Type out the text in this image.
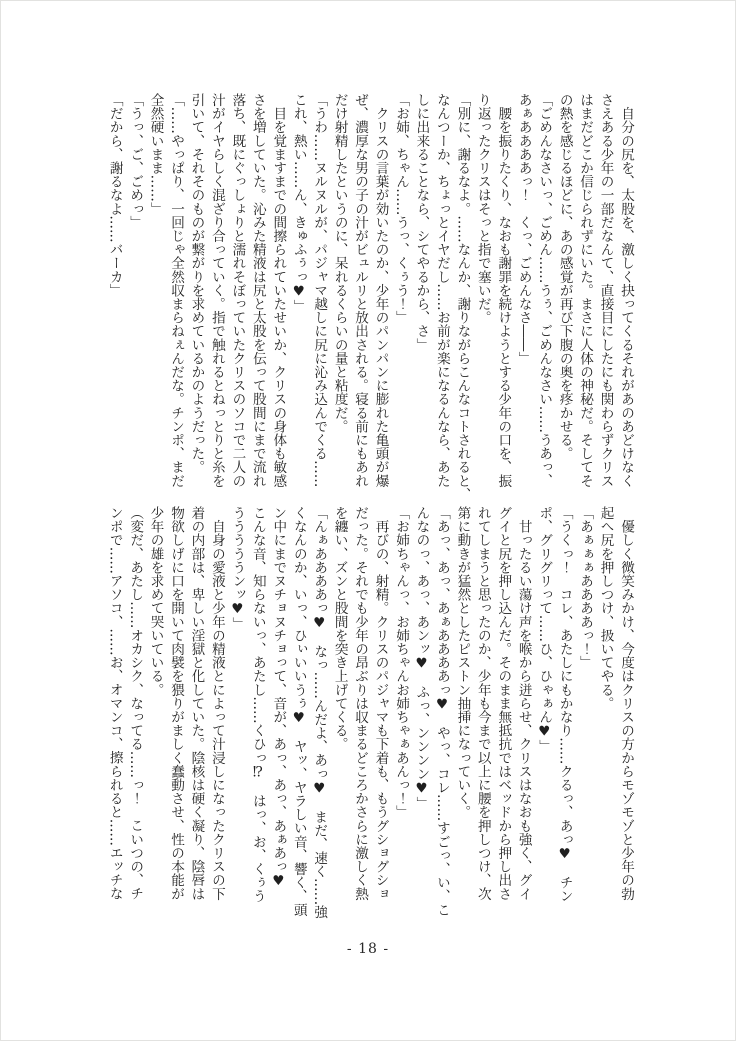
　自分の尻を、太股を、激しく抉ってくるそれがあのあどけなく
さえある少年の一部だなんて、直接目にしたにも関わらずクリス
はまだどこか信じられずにいた。まさに人体の神秘だ。そしてそ
の熱を感じるほどに、あの感覚が再び下腹の奥を疼かせる。
「ごめんなさいっ、ごめん……うぅ、ごめんなさい……うあっ、
あぁああああっ！　くっ、ごめんなさ――」
　腰を振りたくり、なおも謝罪を続けようとする少年の口を、振
り返ったクリスはそっと指で塞いだ。
「別に、謝るなよ。……なんか、謝りながらこんなコトされると、
なんつーか、ちょっとイヤだし……お前が楽になるんなら、あた
しに出来ることなら、シてやるから、さ」
「お姉、ちゃん……うっ、くぅう！」
　クリスの言葉が効いたのか、少年のパンパンに膨れた亀頭が爆
ぜ、濃厚な男の子の汁がビュルリと放出される。寝る前にもあれ
だけ射精したというのに、呆れるくらいの量と粘度だ。
「うわ……ヌルヌルが、パジャマ越しに尻に沁み込んでくる……
これ、熱い……ん、きゅふぅっ♥」
　目を覚ますまでの間擦られていたせいか、クリスの身体も敏感
さを増していた。沁みた精液は尻と太股を伝って股間にまで流れ
落ち、既にぐっしょりと濡れそぼっていたクリスのソコで二人の
汁がイヤらしく混ざり合っていく。指で触れるとねっとりと糸を
引いて、それそのものが繋がりを求めているかのようだった。
「……やっぱり、一回じゃ全然収まらねぇんだな。チンポ、まだ
全然硬いまま……」
「うっ、ご、ごめっ」
「だから、謝るなよ……バーカ」
　優しく微笑みかけ、今度はクリスの方からモゾモゾと少年の勃
起へ尻を押しつけ、扱いてやる。
「あぁぁぁああああっ！」
「うくっ！　コレ、あたしにもかなり……クるっ、あっ♥　チン
ポ、グリグリって……ひ、ひゃぁん♥」
　甘ったるい蕩け声を喉から迸らせ、クリスはなおも強く、グイ
グイと尻を押し込んだ。そのまま無抵抗ではベッドから押し出さ
れてしまうと思ったのか、少年も今まで以上に腰を押しつけ、次
第に動きが猛然としたピストン抽挿になっていく。
「あっ、あっ、あぁああああっ♥　やっ、コレ……すごっ、い、こ
んなのっ、あっ、あンッ♥　ふっ、ンンンン♥」
「お姉ちゃんっ、お姉ちゃんお姉ちゃぁあんっ！」
　再びの、射精。クリスのパジャマも下着も、もうグショグショ
だった。それでも少年の昂ぶりは収まるどころかさらに激しく熱
を纏い、ズンと股間を突き上げてくる。
「んぁああああっ♥　なっ……んだよ、あっ♥　まだ、速く……強
くなんのか、いっ、ひぃいいうぅ♥　ヤッ、ヤラしい音、響く、頭
ン中にまでヌチョヌチョって、音が、あっ、あっ、あぁあっ♥
こんな音、知らないっ、あたし……くひっ⁉　はっ、お、くぅう
うううううンッ♥」
　自身の愛液と少年の精液とによって汁浸しになったクリスの下
着の内部は、卑しい淫獄と化していた。陰核は硬く凝り、陰唇は
物欲しげに口を開いて肉襞を猥りがましく蠢動させ、性の本能が
少年の雄を求めて哭いている。
（変だ、あたし……オカシク、なってる……っ！　こいつの、チ
ンポで……アソコ、……お、オマンコ、擦られると……エッチな
- 18 -
